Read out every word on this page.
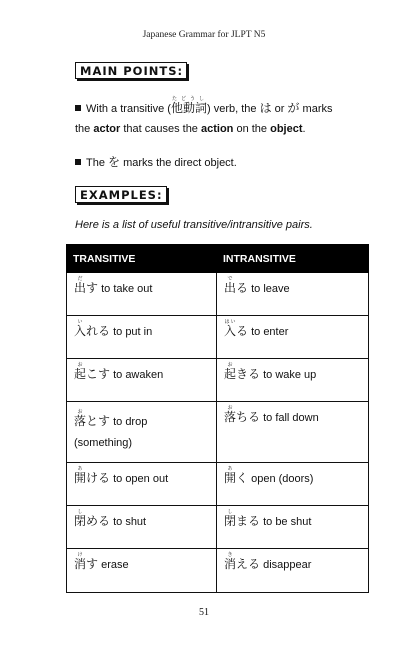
Japanese Grammar for JLPT N5
MAIN POINTS:
With a transitive (他動詞たどうし) verb, the は or が marks
the actor that causes the action on the object.
The を marks the direct object.
EXAMPLES:
Here is a list of useful transitive/intransitive pairs.
TRANSITIVE	INTRANSITIVE

出だす to take out	出でる to leave

入いれる to put in	入はいる to enter

起おこす to awaken	起おきる to wake up

落おとす to drop
(something)	落おちる to fall down

開あける to open out	開あく open (doors)

閉しめる to shut	閉しまる to be shut

消けす erase	消きえる disappear
51
